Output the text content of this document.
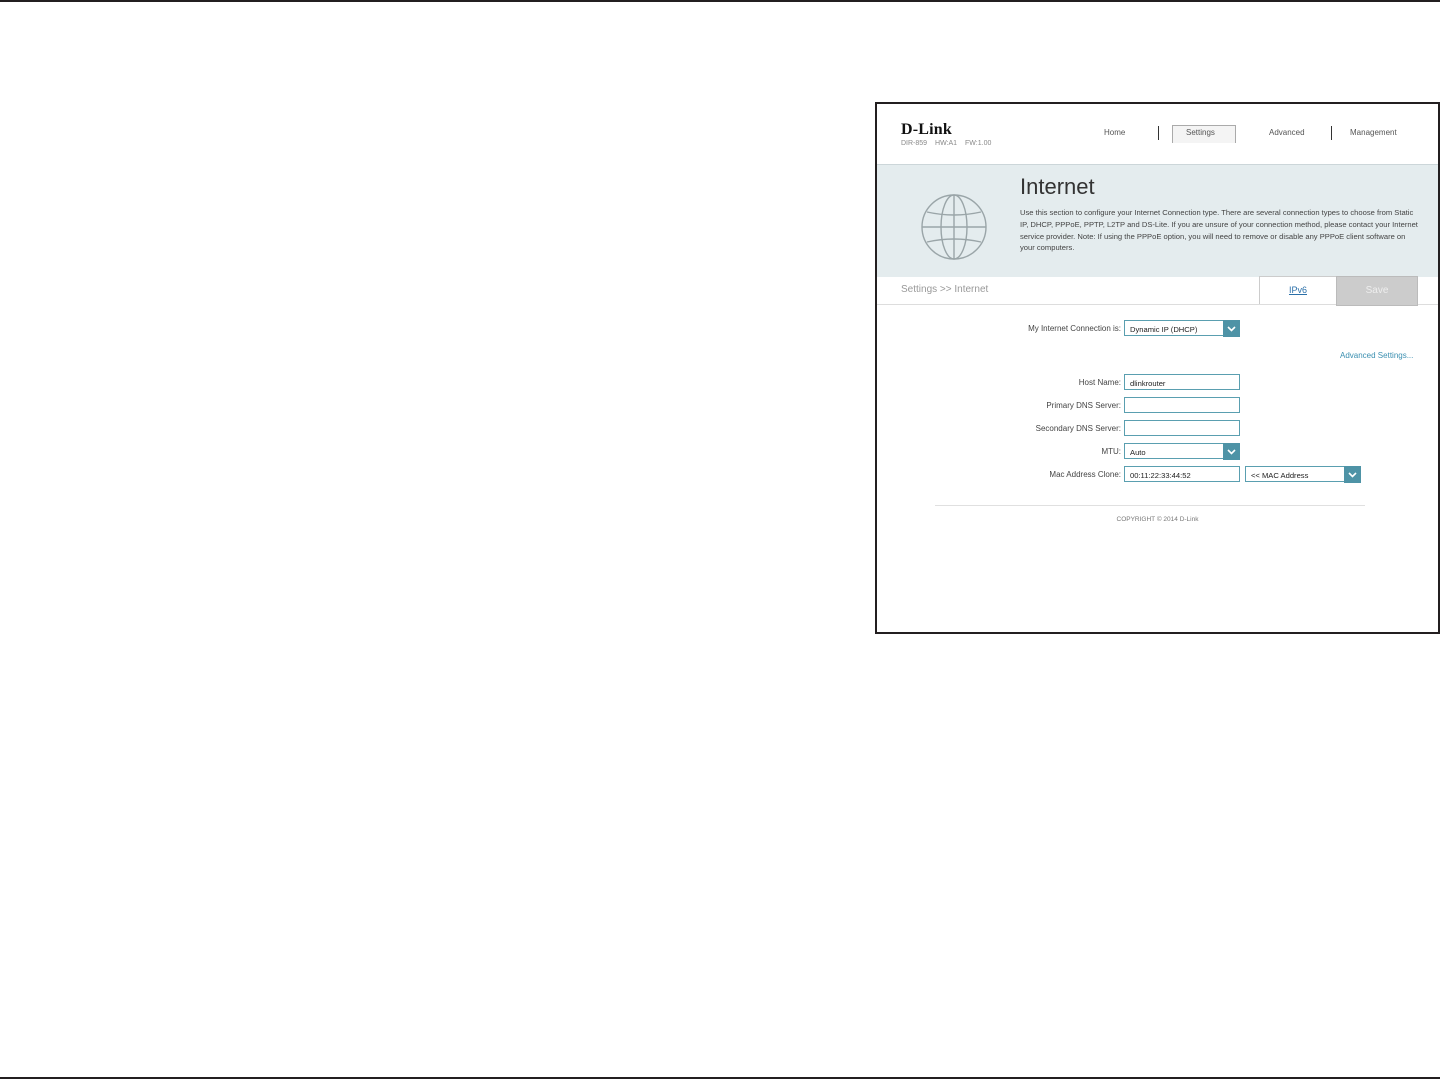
D-Link
DIR-859 HW:A1 FW:1.00
Home	Settings	Advanced	Management
Internet
Use this section to configure your Internet Connection type. There are several connection types to choose from Static IP, DHCP, PPPoE, PPTP, L2TP and DS-Lite. If you are unsure of your connection method, please contact your Internet service provider. Note: If using the PPPoE option, you will need to remove or disable any PPPoE client software on your computers.
Settings >> Internet	IPv6	Save
My Internet Connection is:	Dynamic IP (DHCP)
Advanced Settings...
Host Name:	dlinkrouter
Primary DNS Server:
Secondary DNS Server:
MTU:	Auto
Mac Address Clone:	00:11:22:33:44:52	<< MAC Address
COPYRIGHT © 2014 D-Link
